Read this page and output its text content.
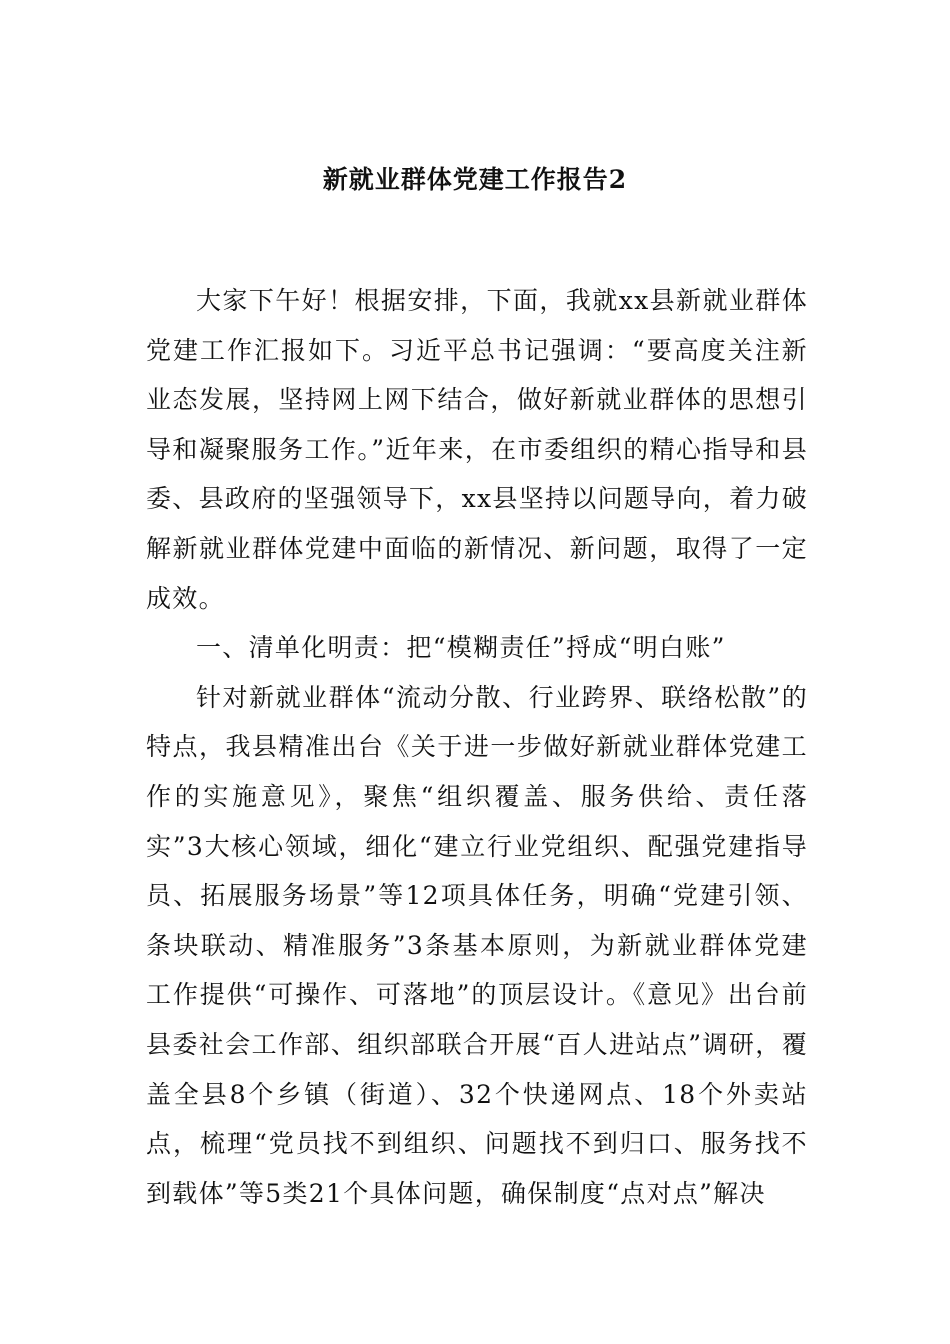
新就业群体党建工作报告2

大家下午好！根据安排，下面，我就xx县新就业群体党建工作汇报如下。习近平总书记强调：“要高度关注新业态发展，坚持网上网下结合，做好新就业群体的思想引导和凝聚服务工作。”近年来，在市委组织的精心指导和县委、县政府的坚强领导下，xx县坚持以问题导向，着力破解新就业群体党建中面临的新情况、新问题，取得了一定成效。

一、清单化明责：把“模糊责任”捋成“明白账”

针对新就业群体“流动分散、行业跨界、联络松散”的特点，我县精准出台《关于进一步做好新就业群体党建工作的实施意见》，聚焦“组织覆盖、服务供给、责任落实”3大核心领域，细化“建立行业党组织、配强党建指导员、拓展服务场景”等12项具体任务，明确“党建引领、条块联动、精准服务”3条基本原则，为新就业群体党建工作提供“可操作、可落地”的顶层设计。《意见》出台前县委社会工作部、组织部联合开展“百人进站点”调研，覆盖全县8个乡镇（街道）、32个快递网点、18个外卖站点，梳理“党员找不到组织、问题找不到归口、服务找不到载体”等5类21个具体问题，确保制度“点对点”解决
